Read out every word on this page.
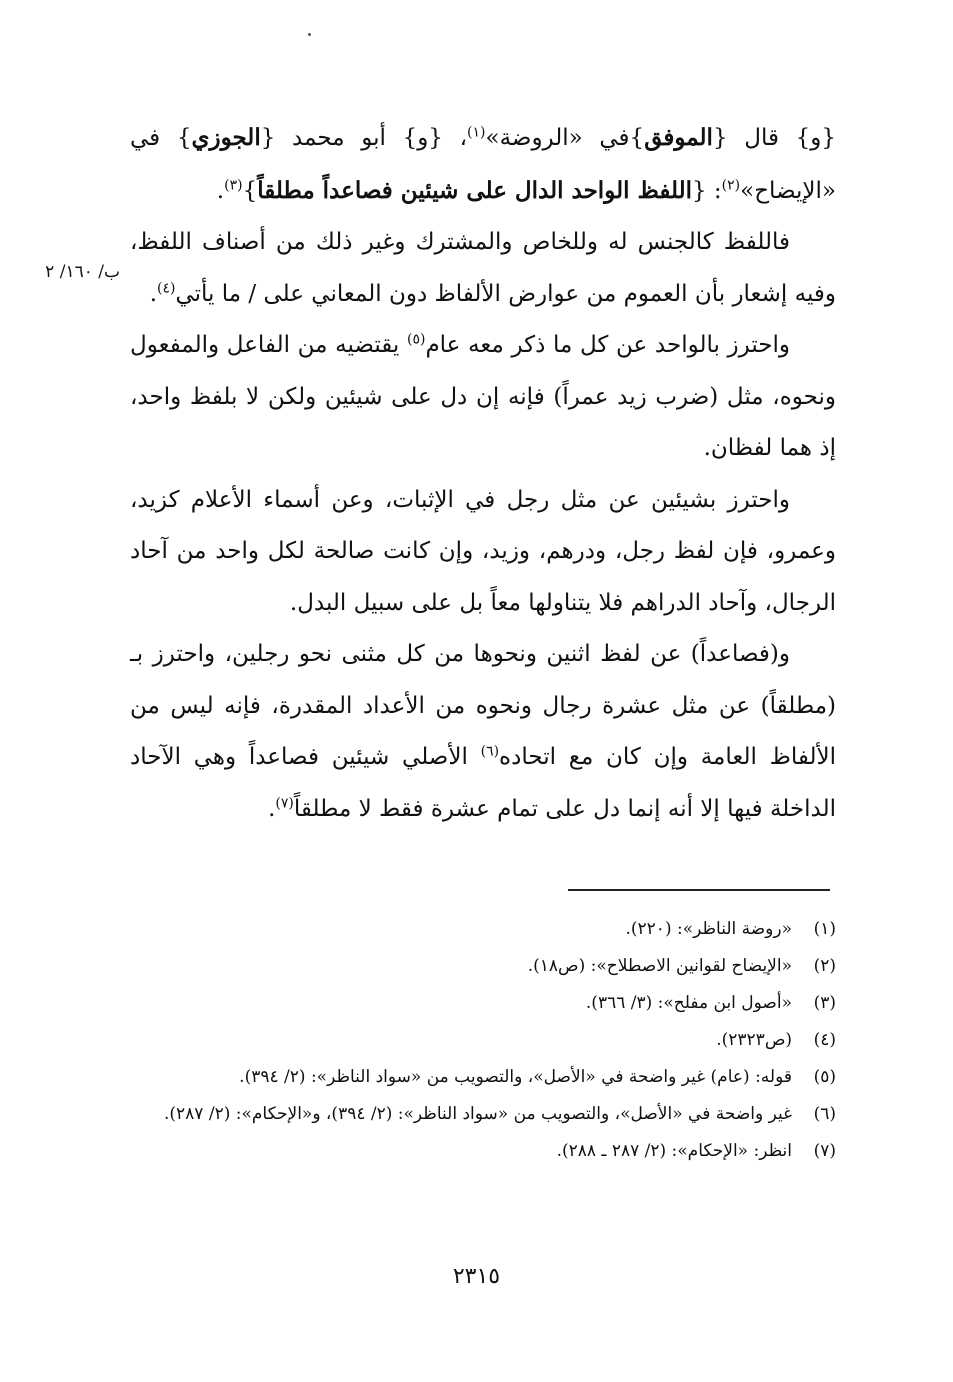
{و} قال {الموفق}في «الروضة»$^{(١)}$، {و} أبو محمد {الجوزي} في «الإيضاح»$^{(٢)}$: {اللفظ الواحد الدال على شيئين فصاعداً مطلقاً}$^{(٣)}$.

فاللفظ كالجنس له وللخاص والمشترك وغير ذلك من أصناف اللفظ، وفيه إشعار بأن العموم من عوارض الألفاظ دون المعاني على / ما يأتي$^{(٤)}$.

واحترز بالواحد عن كل ما ذكر معه عام$^{(٥)}$ يقتضيه من الفاعل والمفعول ونحوه، مثل (ضرب زيد عمراً) فإنه إن دل على شيئين ولكن لا بلفظ واحد، إذ هما لفظان.

واحترز بشيئين عن مثل رجل في الإثبات، وعن أسماء الأعلام كزيد، وعمرو، فإن لفظ رجل، ودرهم، وزيد، وإن كانت صالحة لكل واحد من آحاد الرجال، وآحاد الدراهم فلا يتناولها معاً بل على سبيل البدل.

و(فصاعداً) عن لفظ اثنين ونحوها من كل مثنى نحو رجلين، واحترز بـ (مطلقاً) عن مثل عشرة رجال ونحوه من الأعداد المقدرة، فإنه ليس من الألفاظ العامة وإن كان مع اتحاده$^{(٦)}$ الأصلي شيئين فصاعداً وهي الآحاد الداخلة فيها إلا أنه إنما دل على تمام عشرة فقط لا مطلقاً$^{(٧)}$.

ب/ ١٦٠/ ٢
(١)
«روضة الناظر»: (٢٢٠).
(٢)
«الإيضاح لقوانين الاصطلاح»: (ص١٨).
(٣)
«أصول ابن مفلح»: (٣/ ٣٦٦).
(٤)
(ص٢٣٢٣).
(٥)
قوله: (عام) غير واضحة في «الأصل»، والتصويب من «سواد الناظر»: (٢/ ٣٩٤).
(٦)
غير واضحة في «الأصل»، والتصويب من «سواد الناظر»: (٢/ ٣٩٤)، و«الإحكام»: (٢/ ٢٨٧).
(٧)
انظر: «الإحكام»: (٢/ ٢٨٧ ـ ٢٨٨).
٢٣١٥
